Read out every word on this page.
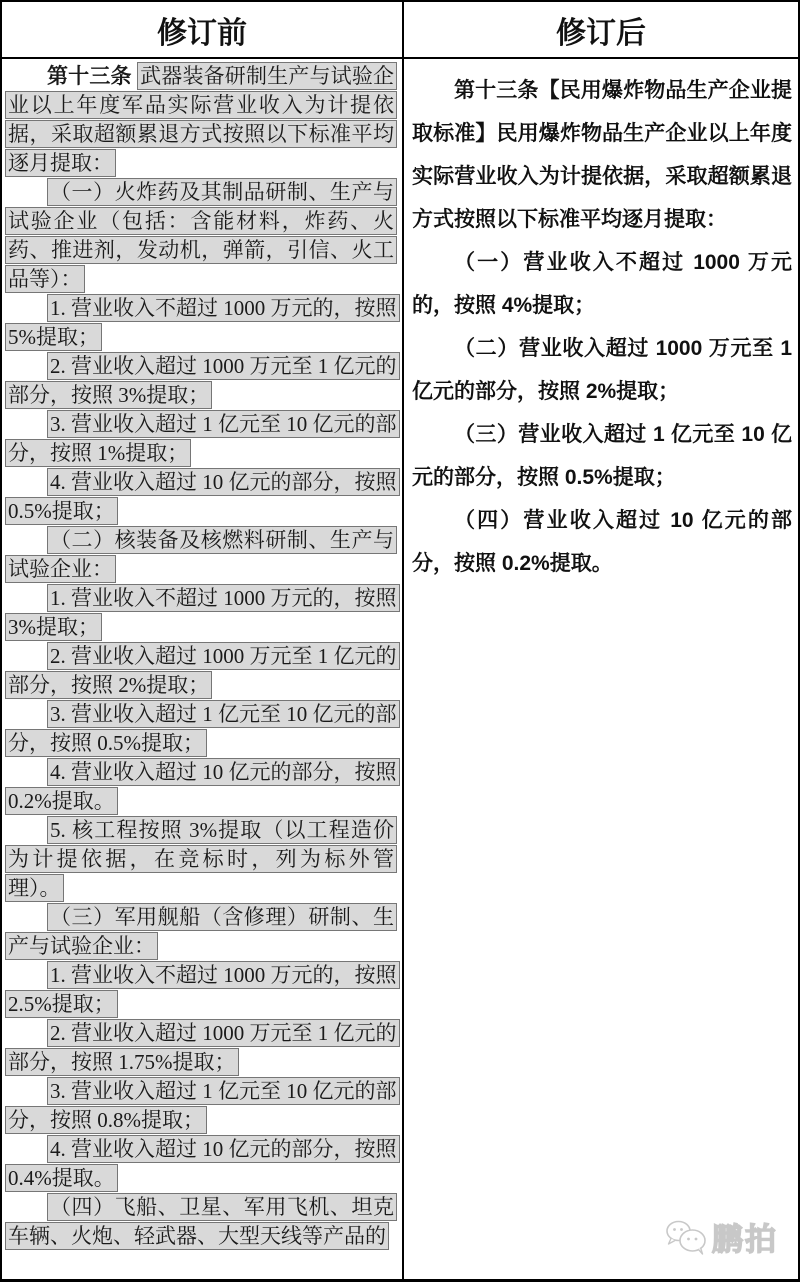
修订前	修订后

第十三条 武器装备研制生产与试验企业以上年度军品实际营业收入为计提依据，采取超额累退方式按照以下标准平均逐月提取：

（一）火炸药及其制品研制、生产与试验企业（包括：含能材料，炸药、火药、推进剂，发动机，弹箭，引信、火工品等）：

1. 营业收入不超过 1000 万元的，按照 5%提取；

2. 营业收入超过 1000 万元至 1 亿元的部分，按照 3%提取；

3. 营业收入超过 1 亿元至 10 亿元的部分，按照 1%提取；

4. 营业收入超过 10 亿元的部分，按照 0.5%提取；

（二）核装备及核燃料研制、生产与试验企业：

1. 营业收入不超过 1000 万元的，按照 3%提取；

2. 营业收入超过 1000 万元至 1 亿元的部分，按照 2%提取；

3. 营业收入超过 1 亿元至 10 亿元的部分，按照 0.5%提取；

4. 营业收入超过 10 亿元的部分，按照 0.2%提取。

5. 核工程按照 3%提取（以工程造价为计提依据，在竞标时，列为标外管理）。

（三）军用舰船（含修理）研制、生产与试验企业：

1. 营业收入不超过 1000 万元的，按照 2.5%提取；

2. 营业收入超过 1000 万元至 1 亿元的部分，按照 1.75%提取；

3. 营业收入超过 1 亿元至 10 亿元的部分，按照 0.8%提取；

4. 营业收入超过 10 亿元的部分，按照 0.4%提取。

（四）飞船、卫星、军用飞机、坦克车辆、火炮、轻武器、大型天线等产品的

第十三条【民用爆炸物品生产企业提取标准】民用爆炸物品生产企业以上年度实际营业收入为计提依据，采取超额累退方式按照以下标准平均逐月提取：

（一）营业收入不超过 1000 万元的，按照 4%提取；

（二）营业收入超过 1000 万元至 1 亿元的部分，按照 2%提取；

（三）营业收入超过 1 亿元至 10 亿元的部分，按照 0.5%提取；

（四）营业收入超过 10 亿元的部分，按照 0.2%提取。

鹏拍
